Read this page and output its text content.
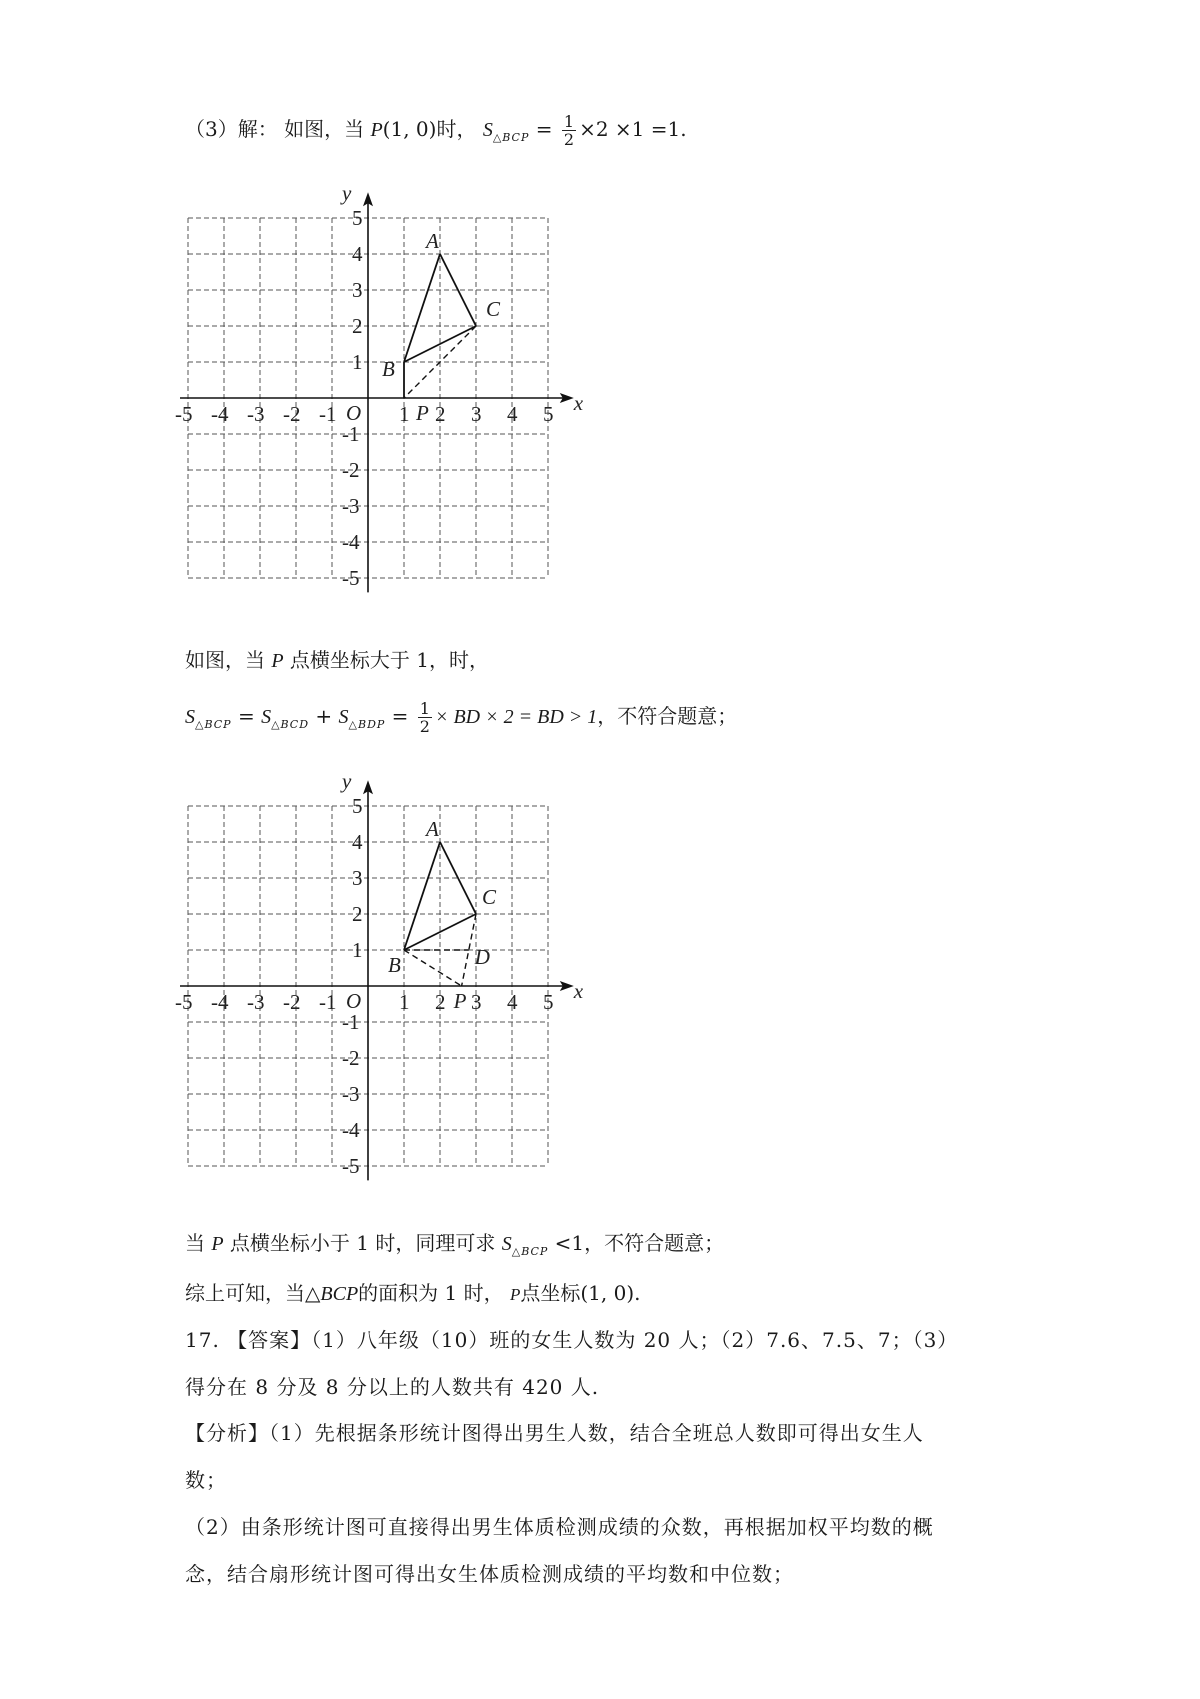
（3）解： 如图，当 P(1, 0)时， $S_{\triangle BCP} = \frac{1}{2} \times 2 \times 1 =1$.
x
y
O
-5 -4 -3 -2 -1	1 2 3 4 5
5
4
3
2
1
-1
-2
-3
-4
-5
A
B
C
P
如图，当 P 点横坐标大于 1，时，
$S_{\triangle BCP} = S_{\triangle BCD} + S_{\triangle BDP} = \frac{1}{2}$ × BD × 2 = BD > 1，不符合题意；
x
y
O
-5 -4 -3 -2 -1	1 2 3 4 5
5
4
3
2
1
-1
-2
-3
-4
-5
A
B
C
D
P
当 P 点横坐标小于 1 时，同理可求 $S_{\triangle BCP} <1$，不符合题意；
综上可知，当△BCP的面积为 1 时， P点坐标(1, 0).
17. 【答案】（1）八年级（10）班的女生人数为 20 人；（2）7.6、7.5、7；（3）
得分在 8 分及 8 分以上的人数共有 420 人.
【分析】（1）先根据条形统计图得出男生人数，结合全班总人数即可得出女生人
数；
（2）由条形统计图可直接得出男生体质检测成绩的众数，再根据加权平均数的概
念，结合扇形统计图可得出女生体质检测成绩的平均数和中位数；
